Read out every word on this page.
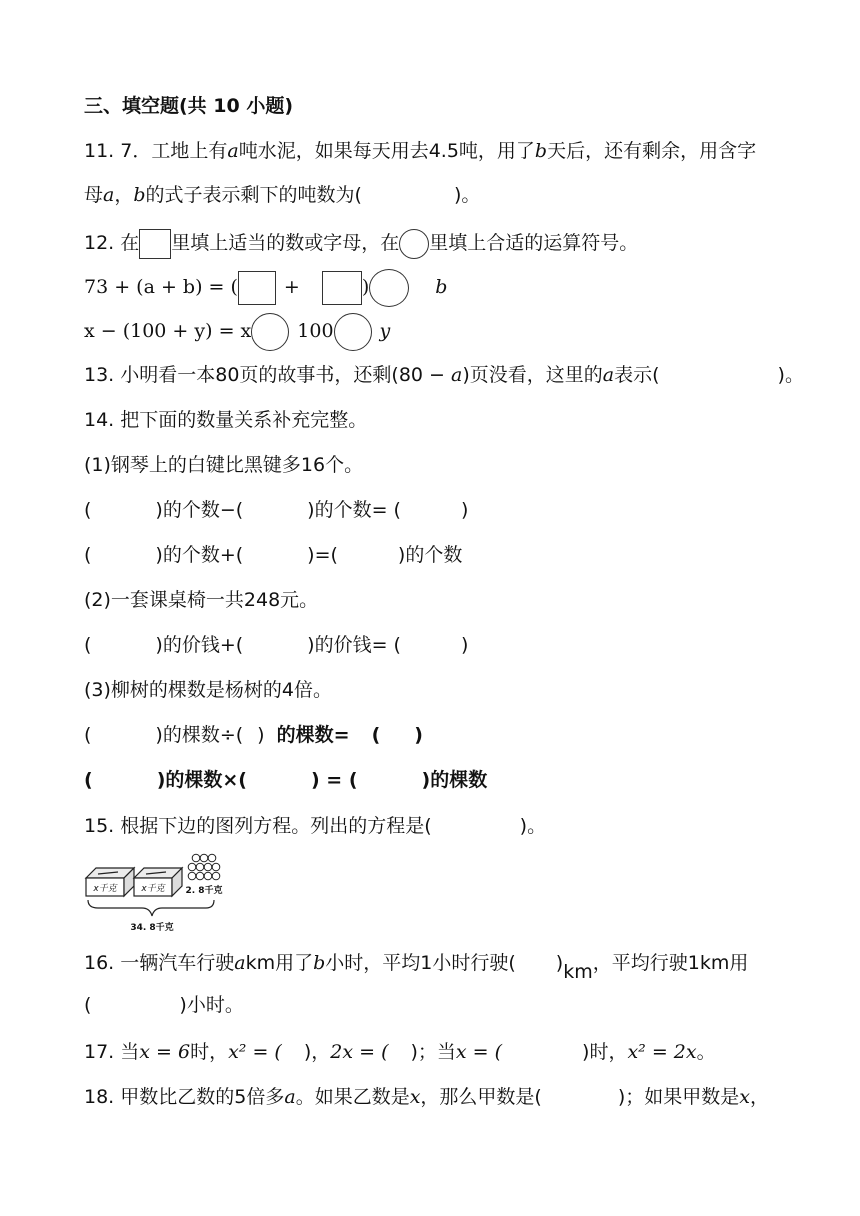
三、填空题(共 10 小题)
11. 7．工地上有a吨水泥，如果每天用去4.5吨，用了b天后，还有剩余，用含字
母a，b的式子表示剩下的吨数为(	)。
12. 在 里填上适当的数或字母，在 里填上合适的运算符号。
73 + (a + b) = ( +	)	b
x − (100 + y) = x 100 y
13. 小明看一本80页的故事书，还剩(80 − a)页没看，这里的a表示(	)。
14. 把下面的数量关系补充完整。
(1)钢琴上的白键比黑键多16个。
(	)的个数−(	)的个数= (	)
(	)的个数+(	)=(	)的个数
(2)一套课桌椅一共248元。
(	)的价钱+(	)的价钱= (	)
(3)柳树的棵数是杨树的4倍。
(	)的棵数÷( ) 的棵数= ( )
(	)的棵数×(	) = (	)的棵数
15. 根据下边的图列方程。列出的方程是(	)。
x千克	x千克 2. 8千克
34. 8千克
16. 一辆汽车行驶akm用了b小时，平均1小时行驶( )km，平均行驶1km用
(	)小时。
17. 当x = 6时，x² = ( )，2x = ( )；当x = (	)时，x² = 2x。
18. 甲数比乙数的5倍多a。如果乙数是x，那么甲数是(	)；如果甲数是x，
